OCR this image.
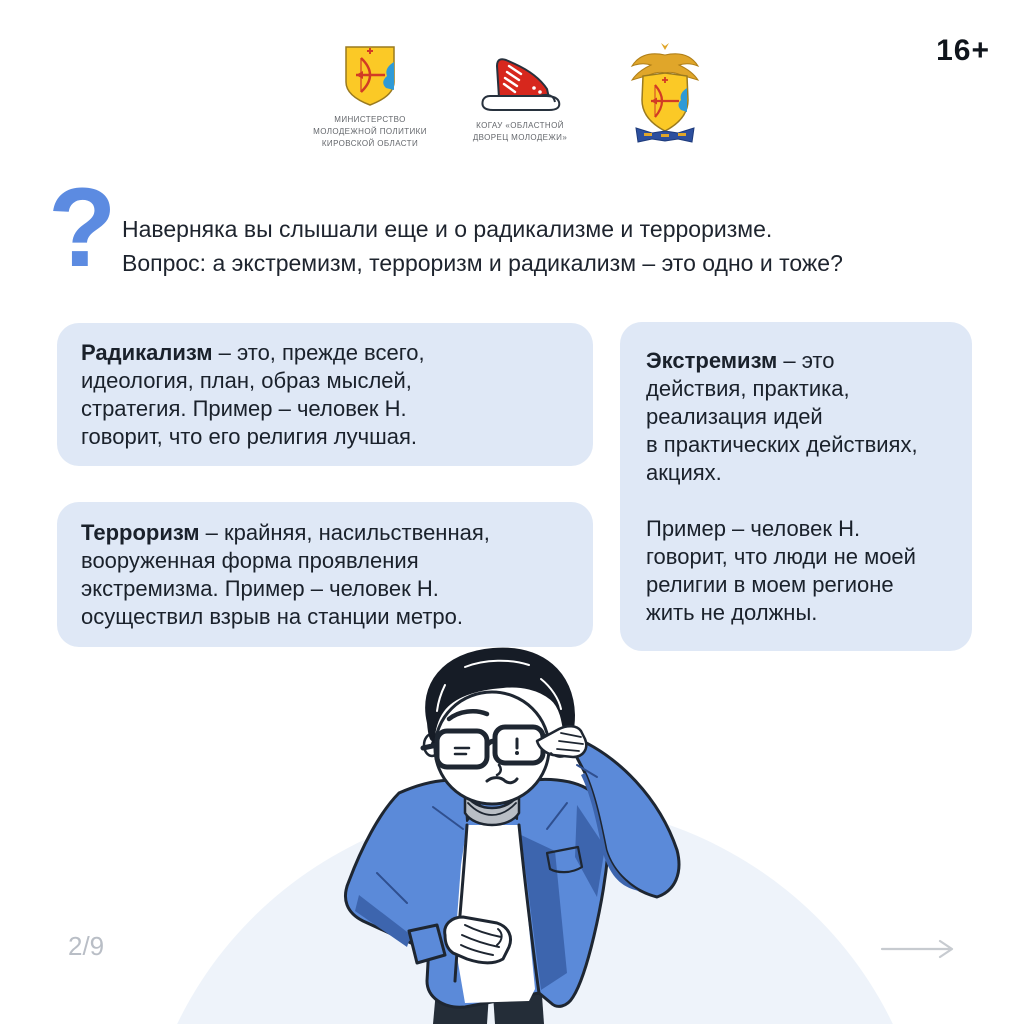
МИНИСТЕРСТВО
МОЛОДЕЖНОЙ ПОЛИТИКИ
КИРОВСКОЙ ОБЛАСТИ
КОГАУ «ОБЛАСТНОЙ
ДВОРЕЦ МОЛОДЕЖИ»
16+
? Наверняка вы слышали еще и о радикализме и терроризме.
Вопрос: а экстремизм, терроризм и радикализм – это одно и тоже?
Радикализм – это, прежде всего,
идеология, план, образ мыслей,
стратегия. Пример – человек Н.
говорит, что его религия лучшая.
Терроризм – крайняя, насильственная,
вооруженная форма проявления
экстремизма. Пример – человек Н.
осуществил взрыв на станции метро.
Экстремизм – это
действия, практика,
реализация идей
в практических действиях,
акциях.
Пример – человек Н.
говорит, что люди не моей
религии в моем регионе
жить не должны.
2/9
